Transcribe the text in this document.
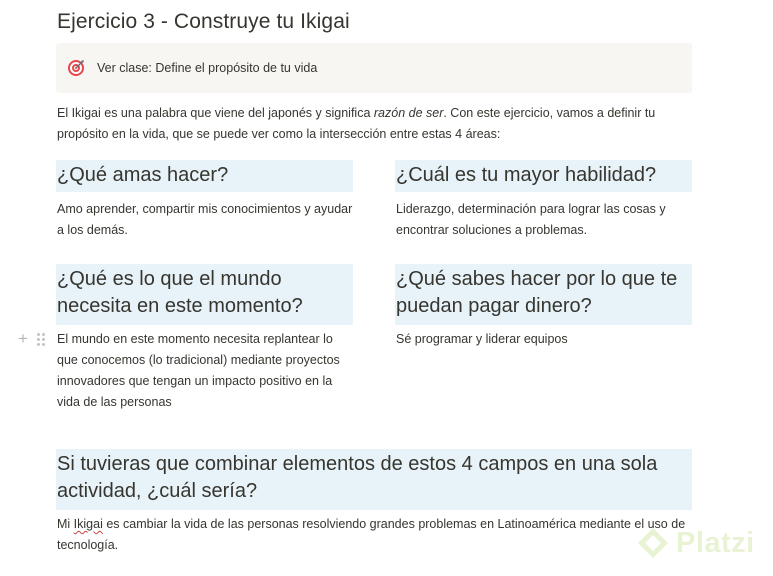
Ejercicio 3 - Construye tu Ikigai
Ver clase: Define el propósito de tu vida

El Ikigai es una palabra que viene del japonés y significa razón de ser. Con este ejercicio, vamos a definir tu propósito en la vida, que se puede ver como la intersección entre estas 4 áreas:

¿Qué amas hacer?

Amo aprender, compartir mis conocimientos y ayudar a los demás.

¿Cuál es tu mayor habilidad?

Liderazgo, determinación para lograr las cosas y encontrar soluciones a problemas.

¿Qué es lo que el mundo necesita en este momento?

El mundo en este momento necesita replantear lo que conocemos (lo tradicional) mediante proyectos innovadores que tengan un impacto positivo en la vida de las personas

+
¿Qué sabes hacer por lo que te puedan pagar dinero?

Sé programar y liderar equipos

Si tuvieras que combinar elementos de estos 4 campos en una sola actividad, ¿cuál sería?

Mi Ikigai es cambiar la vida de las personas resolviendo grandes problemas en Latinoamérica mediante el uso de tecnología.	Platzi
